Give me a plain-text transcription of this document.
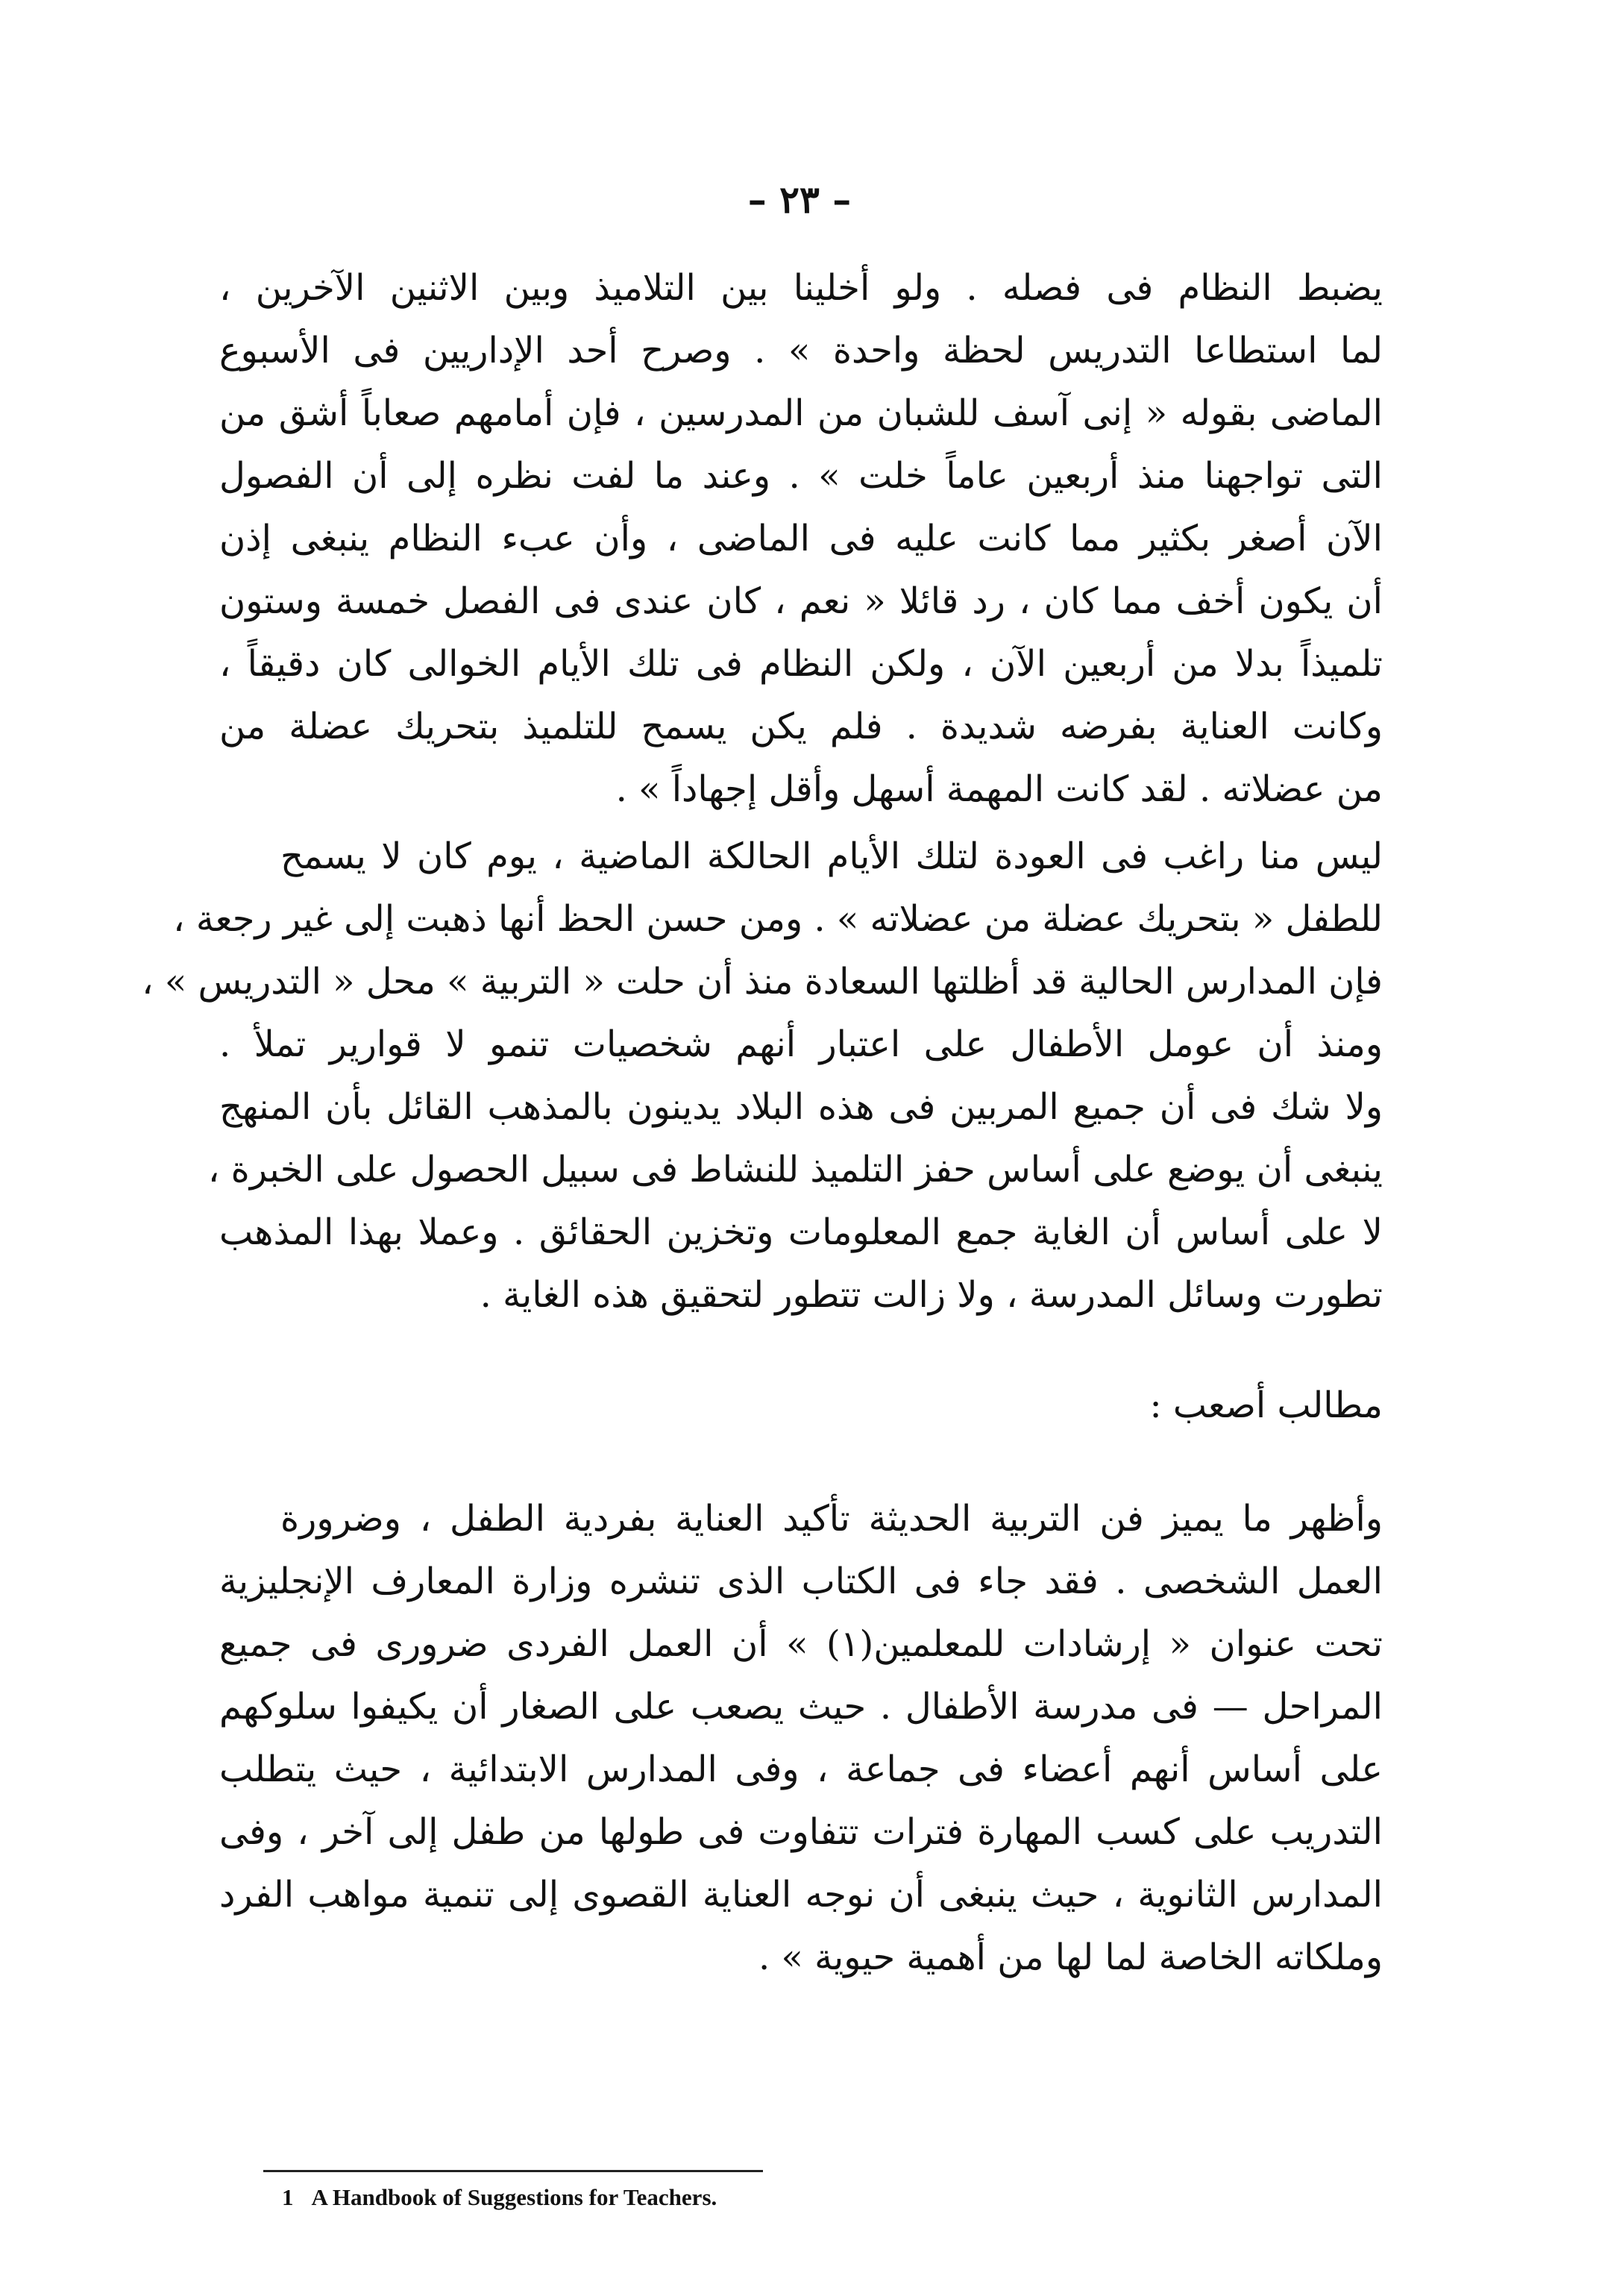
– ٢٣ –
يضبط النظام فى فصله . ولو أخلينا بين التلاميذ وبين الاثنين الآخرين ،
لما استطاعا التدريس لحظة واحدة » . وصرح أحد الإداريين فى الأسبوع
الماضى بقوله « إنى آسف للشبان من المدرسين ، فإن أمامهم صعاباً أشق من
التى تواجهنا منذ أربعين عاماً خلت » . وعند ما لفت نظره إلى أن الفصول
الآن أصغر بكثير مما كانت عليه فى الماضى ، وأن عبء النظام ينبغى إذن
أن يكون أخف مما كان ، رد قائلا « نعم ، كان عندى فى الفصل خمسة وستون
تلميذاً بدلا من أربعين الآن ، ولكن النظام فى تلك الأيام الخوالى كان دقيقاً ،
وكانت العناية بفرضه شديدة . فلم يكن يسمح للتلميذ بتحريك عضلة من
من عضلاته . لقد كانت المهمة أسهل وأقل إجهاداً » .
ليس منا راغب فى العودة لتلك الأيام الحالكة الماضية ، يوم كان لا يسمح
للطفل « بتحريك عضلة من عضلاته » . ومن حسن الحظ أنها ذهبت إلى غير رجعة ،
فإن المدارس الحالية قد أظلتها السعادة منذ أن حلت « التربية » محل « التدريس » ،
ومنذ أن عومل الأطفال على اعتبار أنهم شخصيات تنمو لا قوارير تملأ .
ولا شك فى أن جميع المربين فى هذه البلاد يدينون بالمذهب القائل بأن المنهج
ينبغى أن يوضع على أساس حفز التلميذ للنشاط فى سبيل الحصول على الخبرة ،
لا على أساس أن الغاية جمع المعلومات وتخزين الحقائق . وعملا بهذا المذهب
تطورت وسائل المدرسة ، ولا زالت تتطور لتحقيق هذه الغاية .
مطالب أصعب :
وأظهر ما يميز فن التربية الحديثة تأكيد العناية بفردية الطفل ، وضرورة
العمل الشخصى . فقد جاء فى الكتاب الذى تنشره وزارة المعارف الإنجليزية
تحت عنوان « إرشادات للمعلمين(١) » أن العمل الفردى ضرورى فى جميع
المراحل — فى مدرسة الأطفال . حيث يصعب على الصغار أن يكيفوا سلوكهم
على أساس أنهم أعضاء فى جماعة ، وفى المدارس الابتدائية ، حيث يتطلب
التدريب على كسب المهارة فترات تتفاوت فى طولها من طفل إلى آخر ، وفى
المدارس الثانوية ، حيث ينبغى أن نوجه العناية القصوى إلى تنمية مواهب الفرد
وملكاته الخاصة لما لها من أهمية حيوية » .
1 A Handbook of Suggestions for Teachers.
